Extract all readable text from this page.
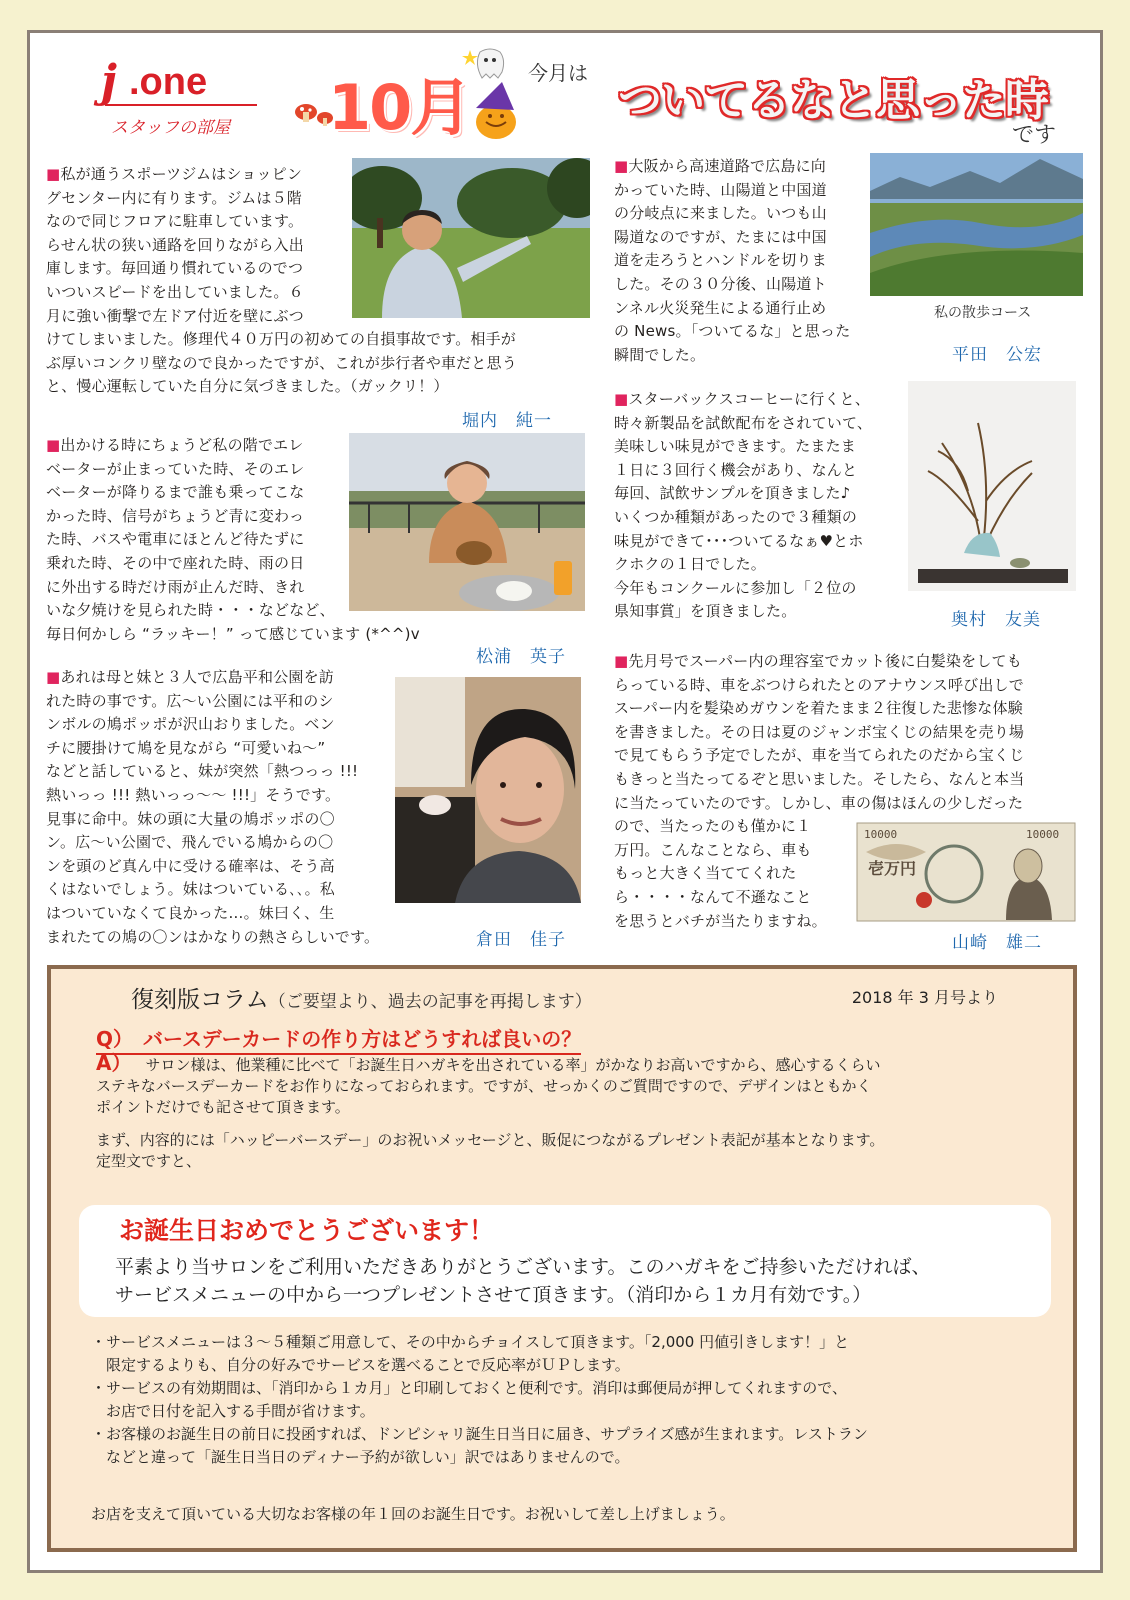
j .one
スタッフの部屋 10月	今月は
ついてるなと思った時
です
■私が通うスポーツジムはショッピン
グセンター内に有ります。ジムは５階
なので同じフロアに駐車しています。
らせん状の狭い通路を回りながら入出
庫します。毎回通り慣れているのでつ
いついスピードを出していました。６
月に強い衝撃で左ドア付近を壁にぶつ
けてしまいました。修理代４０万円の初めての自損事故です。相手が
ぶ厚いコンクリ壁なので良かったですが、これが歩行者や車だと思う
と、慢心運転していた自分に気づきました。（ガックリ！）
堀内　純一
■出かける時にちょうど私の階でエレ
ベーターが止まっていた時、そのエレ
ベーターが降りるまで誰も乗ってこな
かった時、信号がちょうど青に変わっ
た時、バスや電車にほとんど待たずに
乗れた時、その中で座れた時、雨の日
に外出する時だけ雨が止んだ時、きれ
いな夕焼けを見られた時・・・などなど、
毎日何かしら “ラッキー！” って感じています (*^^)v
松浦　英子
■あれは母と妹と３人で広島平和公園を訪
れた時の事です。広～い公園には平和のシ
ンボルの鳩ポッポが沢山おりました。ベン
チに腰掛けて鳩を見ながら “可愛いね～”
などと話していると、妹が突然「熱つっっ !!!
熱いっっ !!! 熱いっっ～～ !!!」そうです。
見事に命中。妹の頭に大量の鳩ポッポの〇
ン。広～い公園で、飛んでいる鳩からの〇
ンを頭のど真ん中に受ける確率は、そう高
くはないでしょう。妹はついている､､。私
はついていなくて良かった…。妹曰く、生
まれたての鳩の〇ンはかなりの熱さらしいです。	倉田　佳子
■大阪から高速道路で広島に向
かっていた時、山陽道と中国道
の分岐点に来ました。いつも山
陽道なのですが、たまには中国
道を走ろうとハンドルを切りま
した。その３０分後、山陽道ト
ンネル火災発生による通行止め
の News。「ついてるな」と思った
瞬間でした。
私の散歩コース
平田　公宏
■スターバックスコーヒーに行くと、
時々新製品を試飲配布をされていて、
美味しい味見ができます。たまたま
１日に３回行く機会があり、なんと
毎回、試飲サンプルを頂きました♪
いくつか種類があったので３種類の
味見ができて･･･ついてるなぁ♥とホ
クホクの１日でした。
今年もコンクールに参加し「２位の
県知事賞」を頂きました。	奥村　友美
■先月号でスーパー内の理容室でカット後に白髪染をしても
らっている時、車をぶつけられたとのアナウンス呼び出しで
スーパー内を髪染めガウンを着たまま２往復した悲惨な体験
を書きました。その日は夏のジャンボ宝くじの結果を売り場
で見てもらう予定でしたが、車を当てられたのだから宝くじ
もきっと当たってるぞと思いました。そしたら、なんと本当
に当たっていたのです。しかし、車の傷はほんの少しだった
ので、当たったのも僅かに１
万円。こんなことなら、車も
もっと大きく当ててくれた
ら・・・・なんて不遜なこと
を思うとバチが当たりますね。
10000	10000
壱万円
山崎　雄二
復刻版コラム（ご要望より、過去の記事を再掲します）	2018 年 3 月号より
Q）　バースデーカードの作り方はどうすれば良いの？
A） サロン様は、他業種に比べて「お誕生日ハガキを出されている率」がかなりお高いですから、感心するくらい
ステキなバースデーカードをお作りになっておられます。ですが、せっかくのご質問ですので、デザインはともかく
ポイントだけでも記させて頂きます。
まず、内容的には「ハッピーバースデー」のお祝いメッセージと、販促につながるプレゼント表記が基本となります。
定型文ですと、
お誕生日おめでとうございます！
平素より当サロンをご利用いただきありがとうございます。このハガキをご持参いただければ、
サービスメニューの中から一つプレゼントさせて頂きます。（消印から１カ月有効です。）
・サービスメニューは３～５種類ご用意して、その中からチョイスして頂きます。「2,000 円値引きします！」と
　限定するよりも、自分の好みでサービスを選べることで反応率がＵＰします。
・サービスの有効期間は、「消印から１カ月」と印刷しておくと便利です。消印は郵便局が押してくれますので、
　お店で日付を記入する手間が省けます。
・お客様のお誕生日の前日に投函すれば、ドンピシャリ誕生日当日に届き、サプライズ感が生まれます。レストラン
　などと違って「誕生日当日のディナー予約が欲しい」訳ではありませんので。
お店を支えて頂いている大切なお客様の年１回のお誕生日です。お祝いして差し上げましょう。
